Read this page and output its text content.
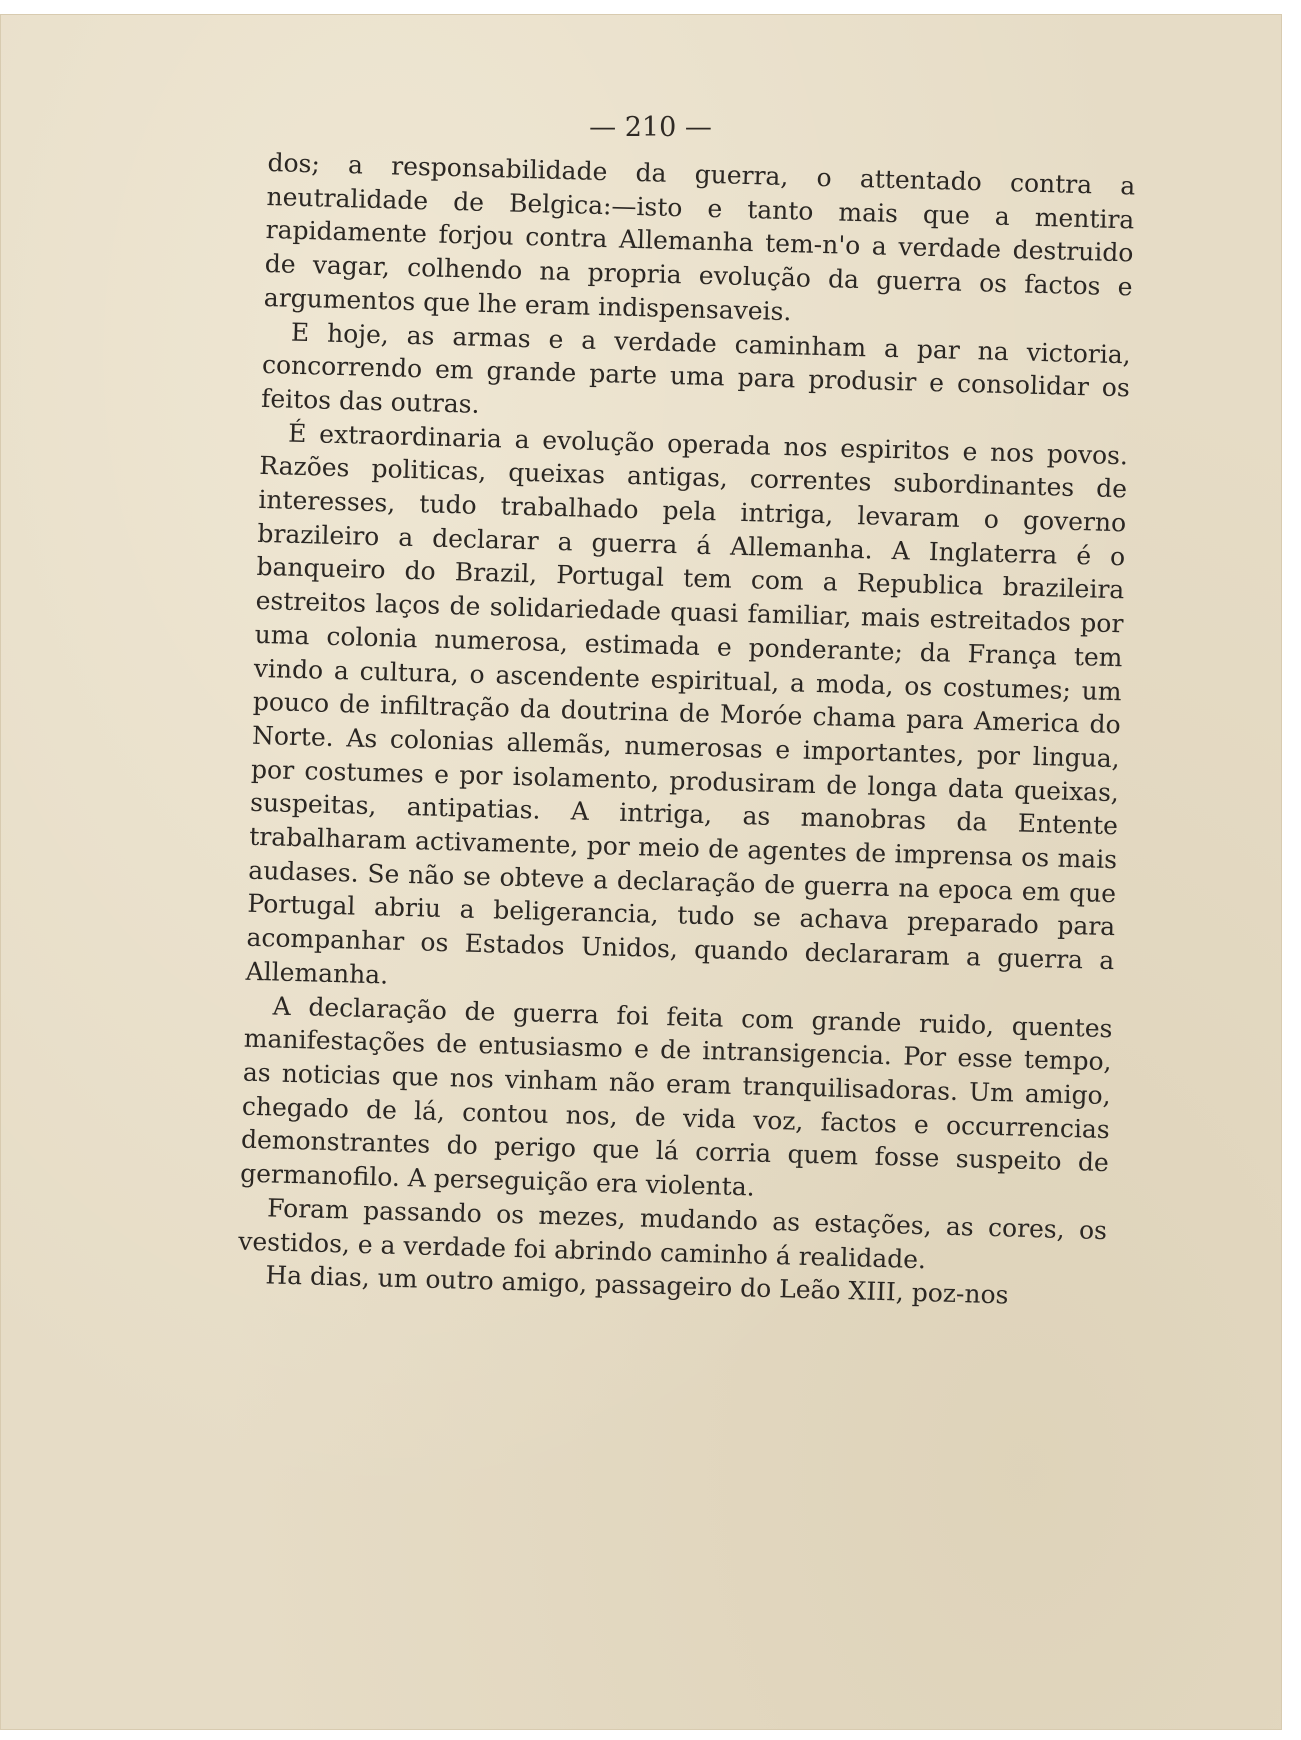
— 210 —

dos; a responsabilidade da guerra, o attentado contra a neutralidade de Belgica:—isto e tanto mais que a mentira rapidamente forjou contra Allemanha tem-n'o a verdade destruido de vagar, colhendo na propria evolução da guerra os factos e argumentos que lhe eram indispensaveis.

E hoje, as armas e a verdade caminham a par na victoria, concorrendo em grande parte uma para produsir e consolidar os feitos das outras.

É extraordinaria a evolução operada nos espiritos e nos povos. Razões politicas, queixas antigas, correntes subordinantes de interesses, tudo trabalhado pela intriga, levaram o governo brazileiro a declarar a guerra á Allemanha. A Inglaterra é o banqueiro do Brazil, Portugal tem com a Republica brazileira estreitos laços de solidariedade quasi familiar, mais estreitados por uma colonia numerosa, estimada e ponderante; da França tem vindo a cultura, o ascendente espiritual, a moda, os costumes; um pouco de infiltração da doutrina de Moróe chama para America do Norte. As colonias allemãs, numerosas e importantes, por lingua, por costumes e por isolamento, produsiram de longa data queixas, suspeitas, antipatias. A intriga, as manobras da Entente trabalharam activamente, por meio de agentes de imprensa os mais audases. Se não se obteve a declaração de guerra na epoca em que Portugal abriu a beligerancia, tudo se achava preparado para acompanhar os Estados Unidos, quando declararam a guerra a Allemanha.

A declaração de guerra foi feita com grande ruido, quentes manifestações de entusiasmo e de intransigencia. Por esse tempo, as noticias que nos vinham não eram tranquilisadoras. Um amigo, chegado de lá, contou nos, de vida voz, factos e occurrencias demonstrantes do perigo que lá corria quem fosse suspeito de germanofilo. A perseguição era violenta.

Foram passando os mezes, mudando as estações, as cores, os vestidos, e a verdade foi abrindo caminho á realidade.

Ha dias, um outro amigo, passageiro do Leão XIII, poz-nos
